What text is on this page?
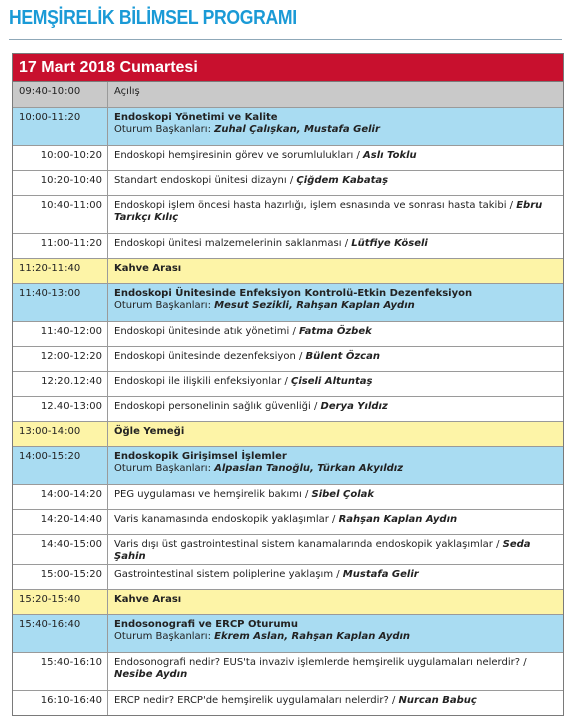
HEMŞİRELİK BİLİMSEL PROGRAMI
17 Mart 2018 Cumartesi
09:40-10:00	Açılış
10:00-11:20	Endoskopi Yönetimi ve Kalite
Oturum Başkanları: Zuhal Çalışkan, Mustafa Gelir
10:00-10:20	Endoskopi hemşiresinin görev ve sorumlulukları / Aslı Toklu
10:20-10:40	Standart endoskopi ünitesi dizaynı / Çiğdem Kabataş
10:40-11:00	Endoskopi işlem öncesi hasta hazırlığı, işlem esnasında ve sonrası hasta takibi / Ebru Tarıkçı Kılıç
11:00-11:20	Endoskopi ünitesi malzemelerinin saklanması / Lütfiye Köseli
11:20-11:40	Kahve Arası
11:40-13:00	Endoskopi Ünitesinde Enfeksiyon Kontrolü-Etkin Dezenfeksiyon
Oturum Başkanları: Mesut Sezikli, Rahşan Kaplan Aydın
11:40-12:00	Endoskopi ünitesinde atık yönetimi / Fatma Özbek
12:00-12:20	Endoskopi ünitesinde dezenfeksiyon / Bülent Özcan
12:20.12:40	Endoskopi ile ilişkili enfeksiyonlar / Çiseli Altuntaş
12.40-13:00	Endoskopi personelinin sağlık güvenliği / Derya Yıldız
13:00-14:00	Öğle Yemeği
14:00-15:20	Endoskopik Girişimsel İşlemler
Oturum Başkanları: Alpaslan Tanoğlu, Türkan Akyıldız
14:00-14:20	PEG uygulaması ve hemşirelik bakımı / Sibel Çolak
14:20-14:40	Varis kanamasında endoskopik yaklaşımlar / Rahşan Kaplan Aydın
14:40-15:00	Varis dışı üst gastrointestinal sistem kanamalarında endoskopik yaklaşımlar / Seda Şahin
15:00-15:20	Gastrointestinal sistem poliplerine yaklaşım / Mustafa Gelir
15:20-15:40	Kahve Arası
15:40-16:40	Endosonografi ve ERCP Oturumu
Oturum Başkanları: Ekrem Aslan, Rahşan Kaplan Aydın
15:40-16:10	Endosonografi nedir? EUS'ta invaziv işlemlerde hemşirelik uygulamaları nelerdir? / Nesibe Aydın
16:10-16:40	ERCP nedir? ERCP'de hemşirelik uygulamaları nelerdir? / Nurcan Babuç
